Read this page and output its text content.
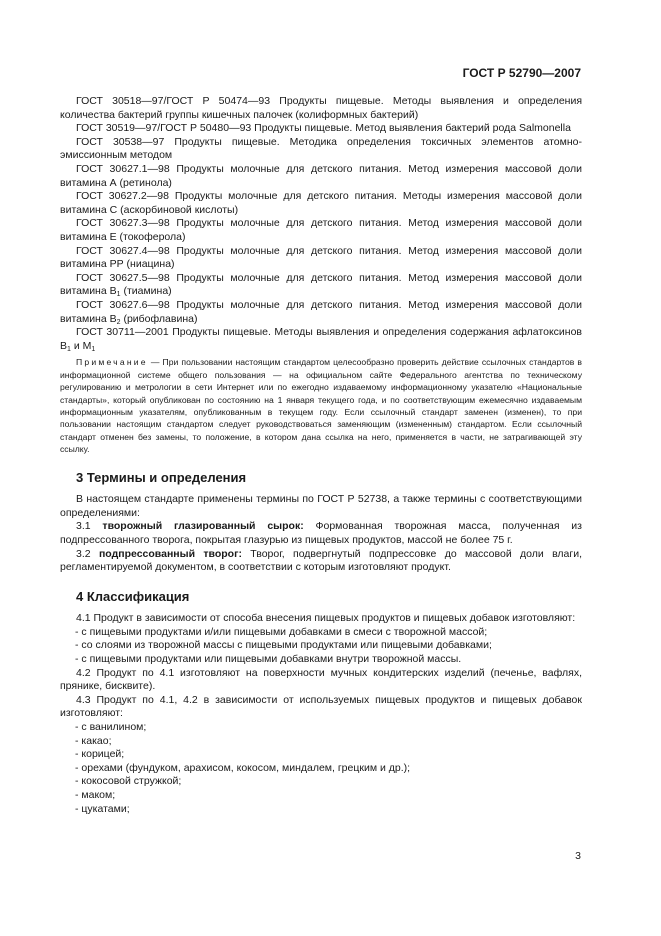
ГОСТ Р 52790—2007

ГОСТ 30518—97/ГОСТ Р 50474—93 Продукты пищевые. Методы выявления и определения количества бактерий группы кишечных палочек (колиформных бактерий)

ГОСТ 30519—97/ГОСТ Р 50480—93 Продукты пищевые. Метод выявления бактерий рода Salmonella

ГОСТ 30538—97 Продукты пищевые. Методика определения токсичных элементов атомно-эмиссионным методом

ГОСТ 30627.1—98 Продукты молочные для детского питания. Метод измерения массовой доли витамина А (ретинола)

ГОСТ 30627.2—98 Продукты молочные для детского питания. Методы измерения массовой доли витамина С (аскорбиновой кислоты)

ГОСТ 30627.3—98 Продукты молочные для детского питания. Метод измерения массовой доли витамина Е (токоферола)

ГОСТ 30627.4—98 Продукты молочные для детского питания. Метод измерения массовой доли витамина РР (ниацина)

ГОСТ 30627.5—98 Продукты молочные для детского питания. Метод измерения массовой доли витамина $В_1$ (тиамина)

ГОСТ 30627.6—98 Продукты молочные для детского питания. Метод измерения массовой доли витамина $В_2$ (рибофлавина)

ГОСТ 30711—2001 Продукты пищевые. Методы выявления и определения содержания афлатоксинов $В_1$ и $М_1$

Примечание — При пользовании настоящим стандартом целесообразно проверить действие ссылочных стандартов в информационной системе общего пользования — на официальном сайте Федерального агентства по техническому регулированию и метрологии в сети Интернет или по ежегодно издаваемому информационному указателю «Национальные стандарты», который опубликован по состоянию на 1 января текущего года, и по соответствующим ежемесячно издаваемым информационным указателям, опубликованным в текущем году. Если ссылочный стандарт заменен (изменен), то при пользовании настоящим стандартом следует руководствоваться заменяющим (измененным) стандартом. Если ссылочный стандарт отменен без замены, то положение, в котором дана ссылка на него, применяется в части, не затрагивающей эту ссылку.

3 Термины и определения

В настоящем стандарте применены термины по ГОСТ Р 52738, а также термины с соответствующими определениями:

3.1 творожный глазированный сырок: Формованная творожная масса, полученная из подпрессованного творога, покрытая глазурью из пищевых продуктов, массой не более 75 г.

3.2 подпрессованный творог: Творог, подвергнутый подпрессовке до массовой доли влаги, регламентируемой документом, в соответствии с которым изготовляют продукт.

4 Классификация

4.1 Продукт в зависимости от способа внесения пищевых продуктов и пищевых добавок изготовляют:

- с пищевыми продуктами и/или пищевыми добавками в смеси с творожной массой;
- со слоями из творожной массы с пищевыми продуктами или пищевыми добавками;
- с пищевыми продуктами или пищевыми добавками внутри творожной массы.

4.2 Продукт по 4.1 изготовляют на поверхности мучных кондитерских изделий (печенье, вафлях, прянике, бисквите).

4.3 Продукт по 4.1, 4.2 в зависимости от используемых пищевых продуктов и пищевых добавок изготовляют:

- с ванилином;
- какао;
- корицей;
- орехами (фундуком, арахисом, кокосом, миндалем, грецким и др.);
- кокосовой стружкой;
- маком;
- цукатами;
3
